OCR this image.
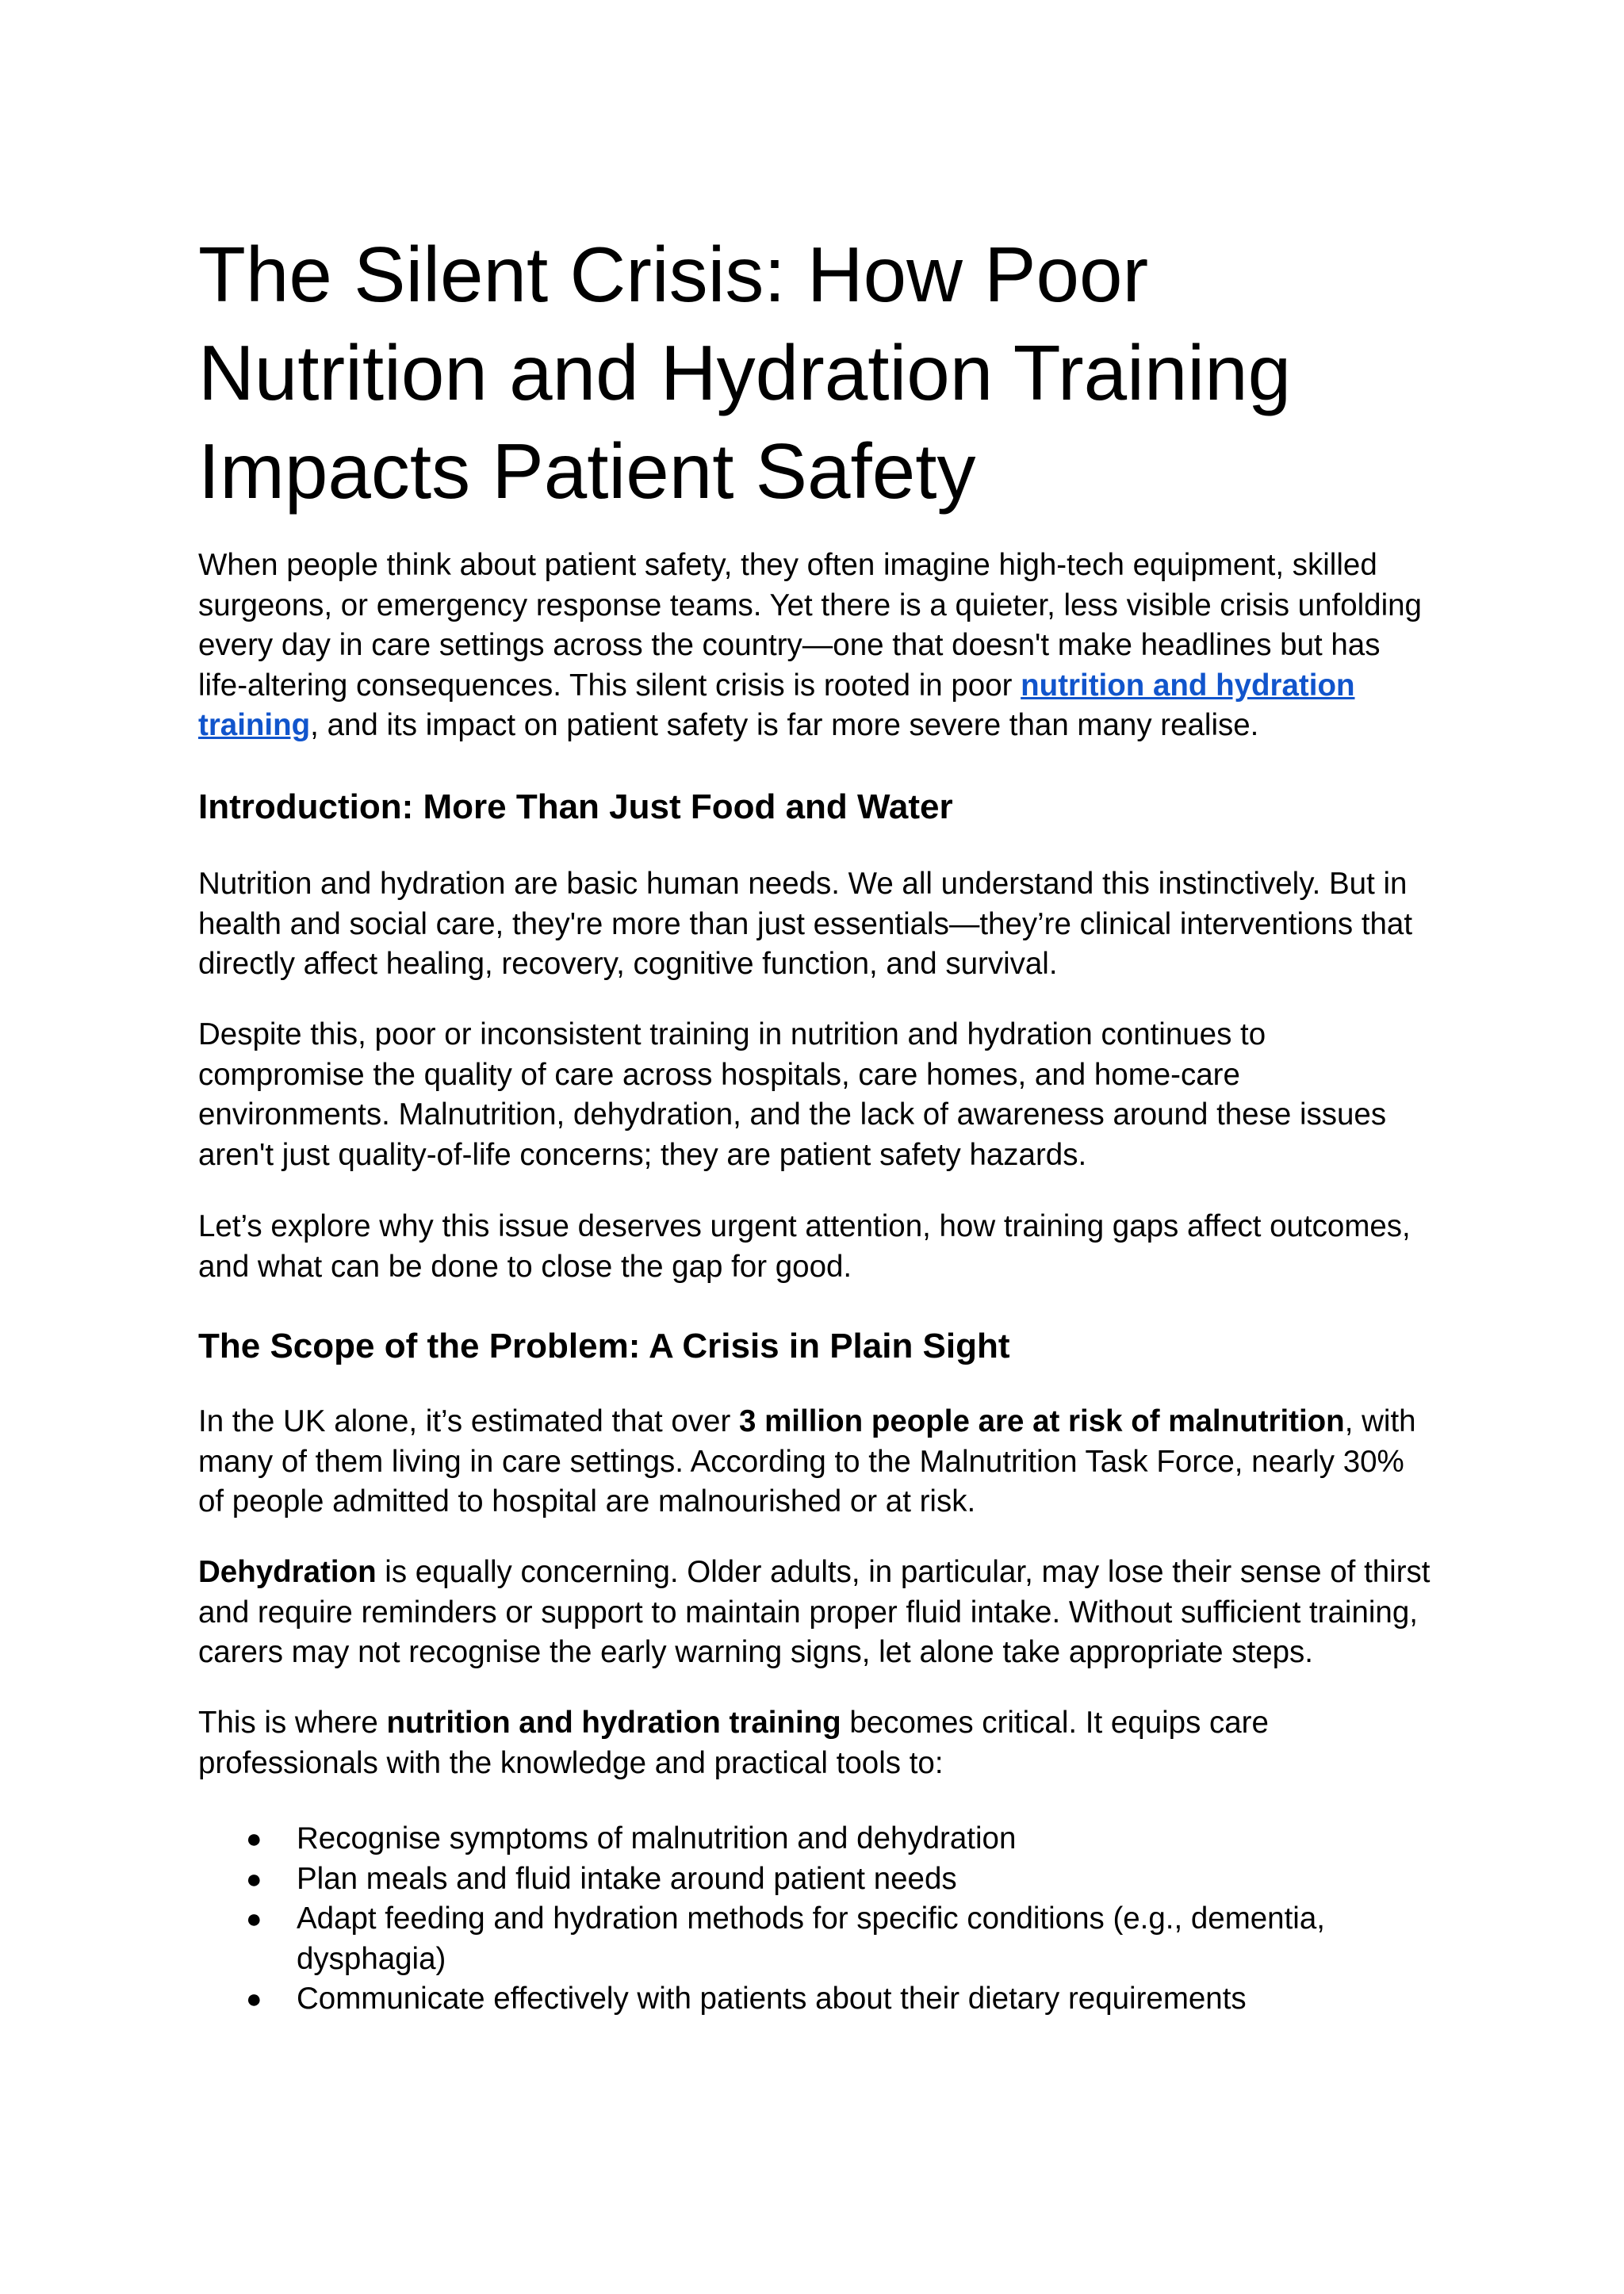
The Silent Crisis: How Poor Nutrition and Hydration Training Impacts Patient Safety

When people think about patient safety, they often imagine high-tech equipment, skilled surgeons, or emergency response teams. Yet there is a quieter, less visible crisis unfolding every day in care settings across the country—one that doesn't make headlines but has life-altering consequences. This silent crisis is rooted in poor nutrition and hydration training, and its impact on patient safety is far more severe than many realise.

Introduction: More Than Just Food and Water

Nutrition and hydration are basic human needs. We all understand this instinctively. But in health and social care, they're more than just essentials—they’re clinical interventions that directly affect healing, recovery, cognitive function, and survival.

Despite this, poor or inconsistent training in nutrition and hydration continues to compromise the quality of care across hospitals, care homes, and home-care environments. Malnutrition, dehydration, and the lack of awareness around these issues aren't just quality-of-life concerns; they are patient safety hazards.

Let’s explore why this issue deserves urgent attention, how training gaps affect outcomes, and what can be done to close the gap for good.

The Scope of the Problem: A Crisis in Plain Sight

In the UK alone, it’s estimated that over 3 million people are at risk of malnutrition, with many of them living in care settings. According to the Malnutrition Task Force, nearly 30% of people admitted to hospital are malnourished or at risk.

Dehydration is equally concerning. Older adults, in particular, may lose their sense of thirst and require reminders or support to maintain proper fluid intake. Without sufficient training, carers may not recognise the early warning signs, let alone take appropriate steps.

This is where nutrition and hydration training becomes critical. It equips care professionals with the knowledge and practical tools to:

● Recognise symptoms of malnutrition and dehydration
● Plan meals and fluid intake around patient needs
● Adapt feeding and hydration methods for specific conditions (e.g., dementia, dysphagia)
● Communicate effectively with patients about their dietary requirements
